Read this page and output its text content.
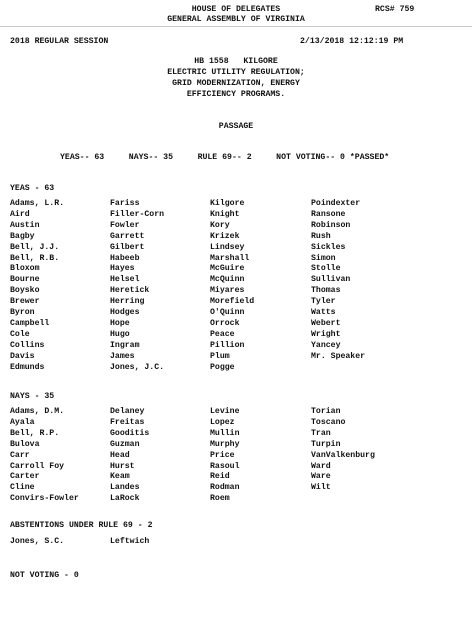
HOUSE OF DELEGATES
GENERAL ASSEMBLY OF VIRGINIA
RCS# 759
2018 REGULAR SESSION	2/13/2018 12:12:19 PM
HB 1558   KILGORE
ELECTRIC UTILITY REGULATION;
GRID MODERNIZATION, ENERGY
EFFICIENCY PROGRAMS.
PASSAGE
YEAS-- 63     NAYS-- 35     RULE 69-- 2     NOT VOTING-- 0 *PASSED*
YEAS - 63
Adams, L.R.	Fariss	Kilgore	Poindexter
Aird	Filler-Corn	Knight	Ransone
Austin	Fowler	Kory	Robinson
Bagby	Garrett	Krizek	Rush
Bell, J.J.	Gilbert	Lindsey	Sickles
Bell, R.B.	Habeeb	Marshall	Simon
Bloxom	Hayes	McGuire	Stolle
Bourne	Helsel	McQuinn	Sullivan
Boysko	Heretick	Miyares	Thomas
Brewer	Herring	Morefield	Tyler
Byron	Hodges	O'Quinn	Watts
Campbell	Hope	Orrock	Webert
Cole	Hugo	Peace	Wright
Collins	Ingram	Pillion	Yancey
Davis	James	Plum	Mr. Speaker
Edmunds	Jones, J.C.	Pogge
NAYS - 35
Adams, D.M.	Delaney	Levine	Torian
Ayala	Freitas	Lopez	Toscano
Bell, R.P.	Gooditis	Mullin	Tran
Bulova	Guzman	Murphy	Turpin
Carr	Head	Price	VanValkenburg
Carroll Foy	Hurst	Rasoul	Ward
Carter	Keam	Reid	Ware
Cline	Landes	Rodman	Wilt
Convirs-Fowler	LaRock	Roem
ABSTENTIONS UNDER RULE 69 - 2
Jones, S.C.	Leftwich
NOT VOTING - 0
